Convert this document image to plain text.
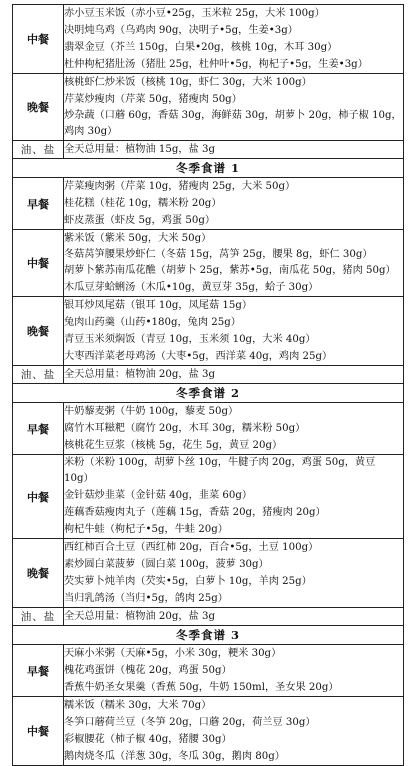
中餐	赤小豆玉米饭（赤小豆•25g，玉米粒 25g，大米 100g）
决明炖乌鸡（乌鸡肉 90g，决明子•5g，生姜•3g）
翡翠金豆（芥兰 150g，白果•20g，核桃 10g，木耳 30g）
杜仲枸杞猪肚汤（猪肚 25g，杜仲叶•5g，枸杞子•5g，生姜•3g）

晚餐	核桃虾仁炒米饭（核桃 10g，虾仁 30g，大米 100g）
芹菜炒瘦肉（芹菜 50g，猪瘦肉 50g）
炒杂蔬（口蘑 60g，香菇 30g，海鲜菇 30g，胡萝卜 20g，柿子椒 10g，鸡肉 30g）

油、盐	全天总用量：植物油 15g，盐 3g

冬季食谱 1	
早餐	芹菜瘦肉粥（芹菜 10g，猪瘦肉 25g，大米 50g）
桂花糕（桂花 10g，糯米粉 20g）
虾皮蒸蛋（虾皮 5g，鸡蛋 50g）

中餐	紫米饭（紫米 50g，大米 50g）
冬菇莴笋腰果炒虾仁（冬菇 15g，莴笋 25g，腰果 8g，虾仁 30g）
胡萝卜紫苏南瓜花醮（胡萝卜 25g，紫苏•5g，南瓜花 50g，猪肉 50g）
木瓜豆芽蛤蜊汤（木瓜•10g，黄豆芽 35g，蛤子 30g）

晚餐	银耳炒凤尾菇（银耳 10g，凤尾菇 15g）
兔肉山药羹（山药•180g，兔肉 25g）
青豆玉米须焖饭（青豆 10g，玉米须 10g，大米 40g）
大枣西洋菜老母鸡汤（大枣•5g，西洋菜 40g，鸡肉 25g）

油、盐	全天总用量：植物油 20g，盐 3g

冬季食谱 2	
早餐	牛奶藜麦粥（牛奶 100g，藜麦 50g）
腐竹木耳糍粑（腐竹 20g，木耳 30g，糯米粉 50g）
核桃花生豆浆（核桃 5g，花生 5g，黄豆 20g）

中餐	米粉（米粉 100g，胡萝卜丝 10g，牛腱子肉 20g，鸡蛋 50g，黄豆 10g）
金针菇炒韭菜（金针菇 40g，韭菜 60g）
莲藕香菇瘦肉丸子（莲藕 15g，香菇 20g，猪瘦肉 20g）
枸杞牛蛙（枸杞子•5g，牛蛙 20g）

晚餐	西红柿百合土豆（西红柿 20g，百合•5g，土豆 100g）
素炒圆白菜菠萝（圆白菜 100g，菠萝 30g）
芡实萝卜炖羊肉（芡实•5g，白萝卜 10g，羊肉 25g）
当归乳鸽汤（当归•5g，鸽肉 25g）

油、盐	全天总用量：植物油 20g，盐 3g

冬季食谱 3	
早餐	天麻小米粥（天麻•5g，小米 30g，粳米 30g）
槐花鸡蛋饼（槐花 20g，鸡蛋 50g）
香蕉牛奶圣女果羹（香蕉 50g，牛奶 150ml，圣女果 20g）

中餐	糯米饭（糯米 30g，大米 70g）
冬笋口蘑荷兰豆（冬笋 20g，口蘑 20g，荷兰豆 30g）
彩椒腰花（柿子椒 40g，猪腰 30g）
鹅肉烧冬瓜（洋葱 30g，冬瓜 30g，鹅肉 80g）
